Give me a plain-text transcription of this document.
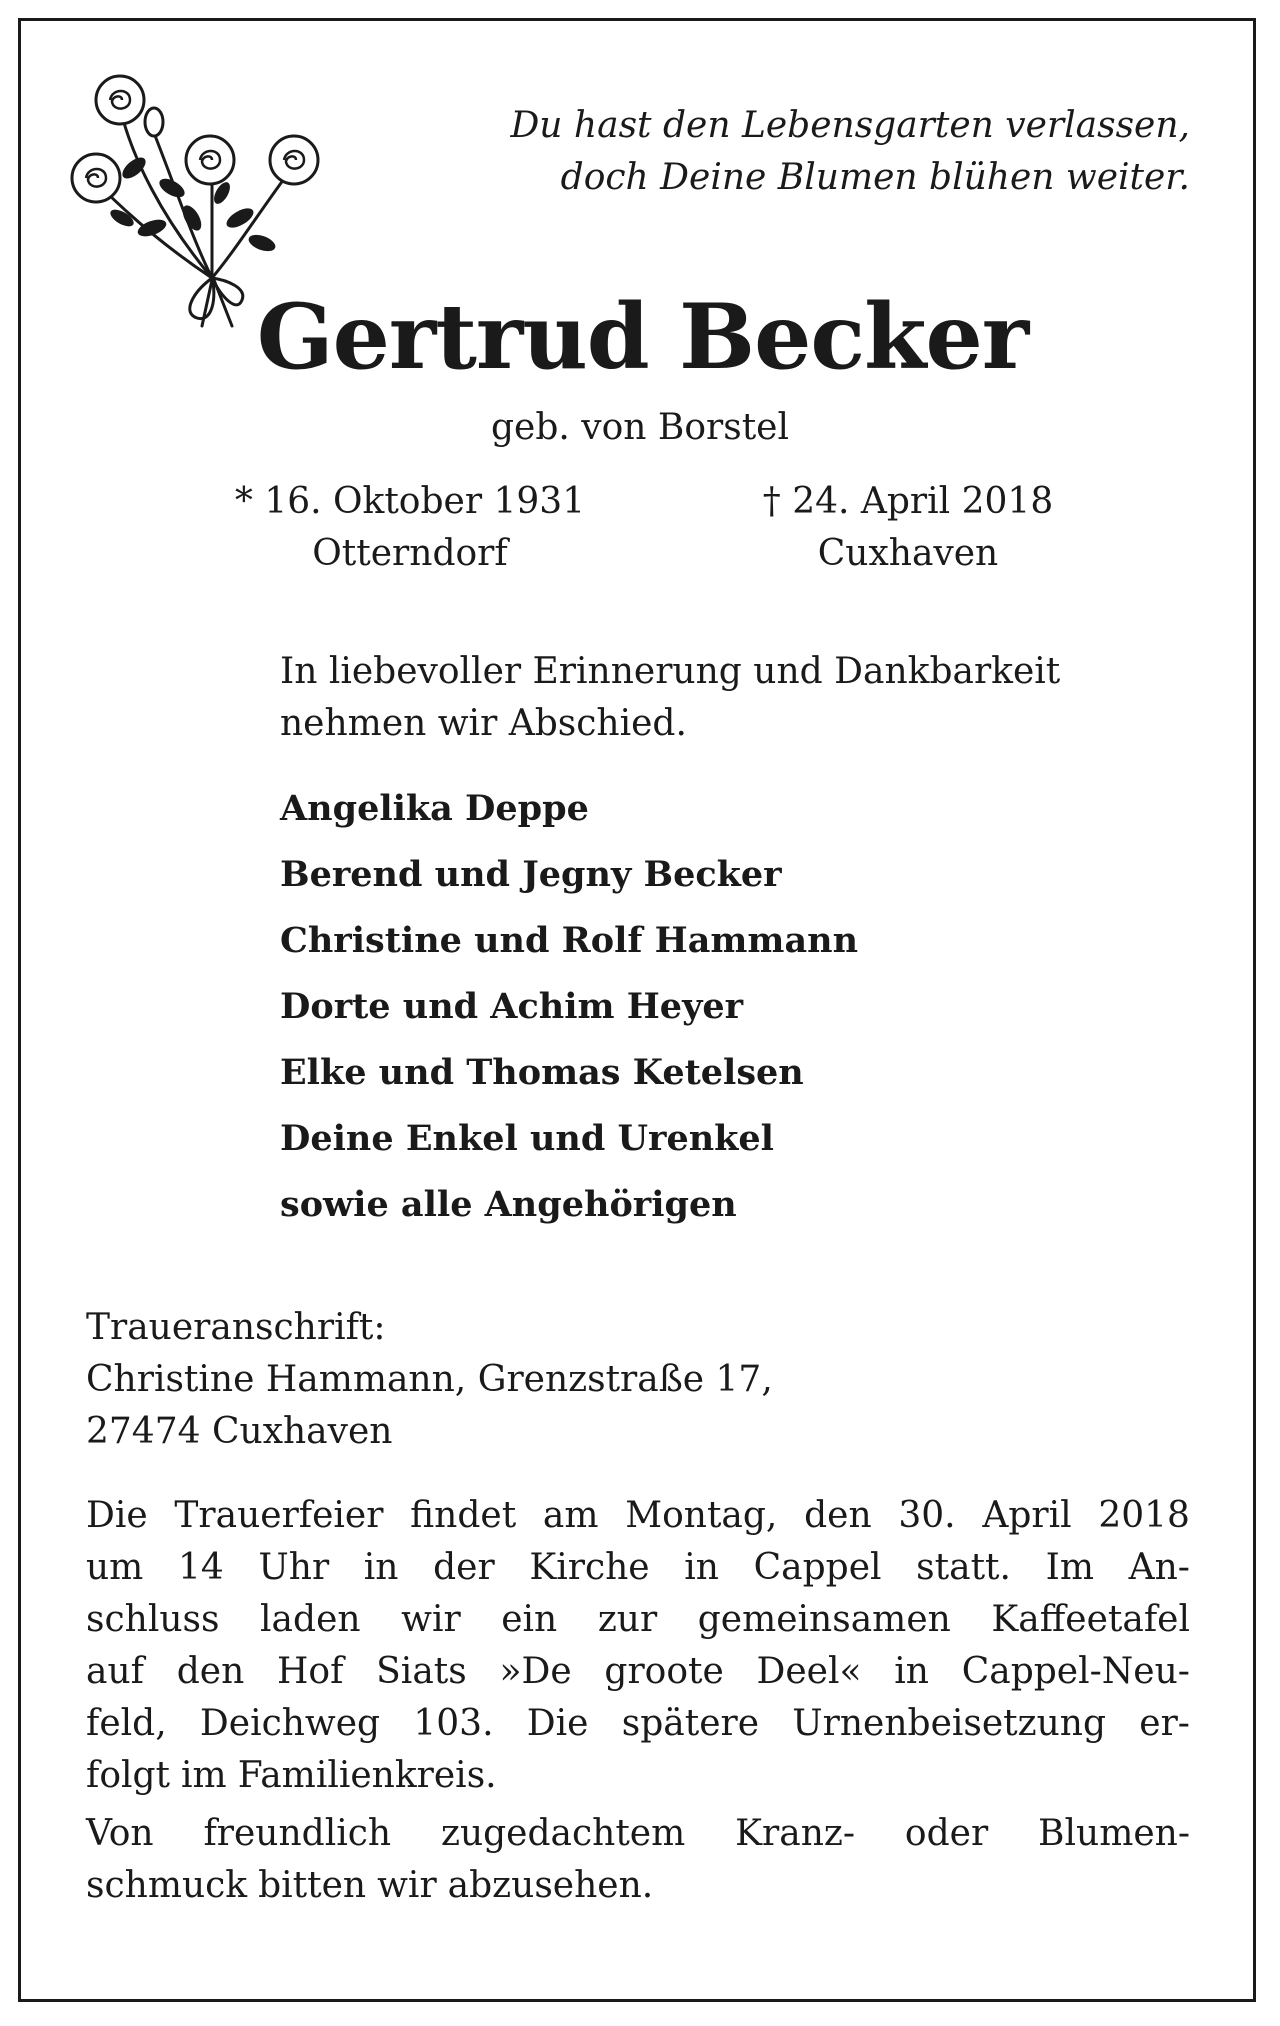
Du hast den Lebensgarten verlassen,
doch Deine Blumen blühen weiter.
Gertrud Becker
geb. von Borstel
* 16. Oktober 1931
Otterndorf
† 24. April 2018
Cuxhaven
In liebevoller Erinnerung und Dankbarkeit
nehmen wir Abschied.
Angelika Deppe
Berend und Jegny Becker
Christine und Rolf Hammann
Dorte und Achim Heyer
Elke und Thomas Ketelsen
Deine Enkel und Urenkel
sowie alle Angehörigen
Traueranschrift:
Christine Hammann, Grenzstraße 17,
27474 Cuxhaven
Die Trauerfeier findet am Montag, den 30. April 2018
um 14 Uhr in der Kirche in Cappel statt. Im An-
schluss laden wir ein zur gemeinsamen Kaffeetafel
auf den Hof Siats »De groote Deel« in Cappel-Neu-
feld, Deichweg 103. Die spätere Urnenbeisetzung er-
folgt im Familienkreis.
Von freundlich zugedachtem Kranz- oder Blumen-
schmuck bitten wir abzusehen.
